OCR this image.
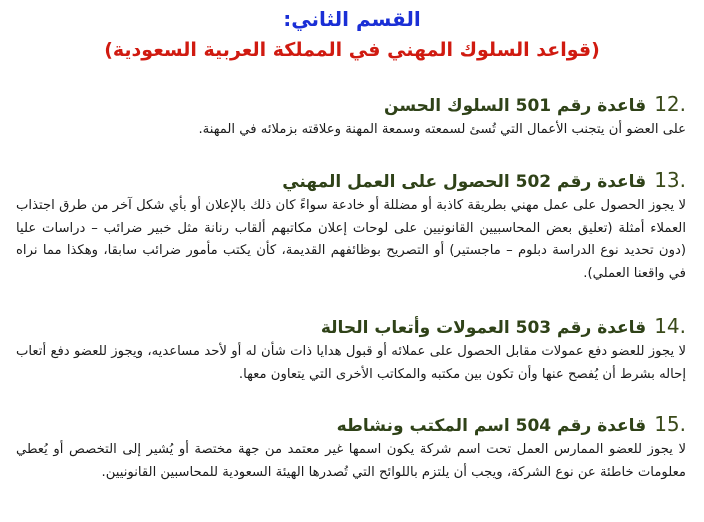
القسم الثاني:
(قواعد السلوك المهني في المملكة العربية السعودية)
12.
قاعدة رقم 501 السلوك الحسن
على العضو أن يتجنب الأعمال التي تُسئ لسمعته وسمعة المهنة وعلاقته بزملائه في المهنة.
13.
قاعدة رقم 502 الحصول على العمل المهني
لا يجوز الحصول على عمل مهني بطريقة كاذبة أو مضللة أو خادعة سواءً كان ذلك بالإعلان أو بأي شكل آخر من طرق اجتذاب العملاء أمثلة (تعليق بعض المحاسبيين القانونيين على لوحات إعلان مكاتبهم ألقاب رنانة مثل خبير ضرائب – دراسات عليا (دون تحديد نوع الدراسة دبلوم – ماجستير) أو التصريح بوظائفهم القديمة، كأن يكتب مأمور ضرائب سابقا، وهكذا مما نراه في واقعنا العملي).
14.
قاعدة رقم 503 العمولات وأتعاب الحالة
لا يجوز للعضو دفع عمولات مقابل الحصول على عملائه أو قبول هدايا ذات شأن له أو لأحد مساعديه، ويجوز للعضو دفع أتعاب إحاله بشرط أن يُفصح عنها وأن تكون بين مكتبه والمكاتب الأخرى التي يتعاون معها.
15.
قاعدة رقم 504 اسم المكتب ونشاطه
لا يجوز للعضو الممارس العمل تحت اسم شركة يكون اسمها غير معتمد من جهة مختصة أو يُشير إلى التخصص أو يُعطي معلومات خاطئة عن نوع الشركة، ويجب أن يلتزم باللوائح التي تُصدرها الهيئة السعودية للمحاسبين القانونيين.
